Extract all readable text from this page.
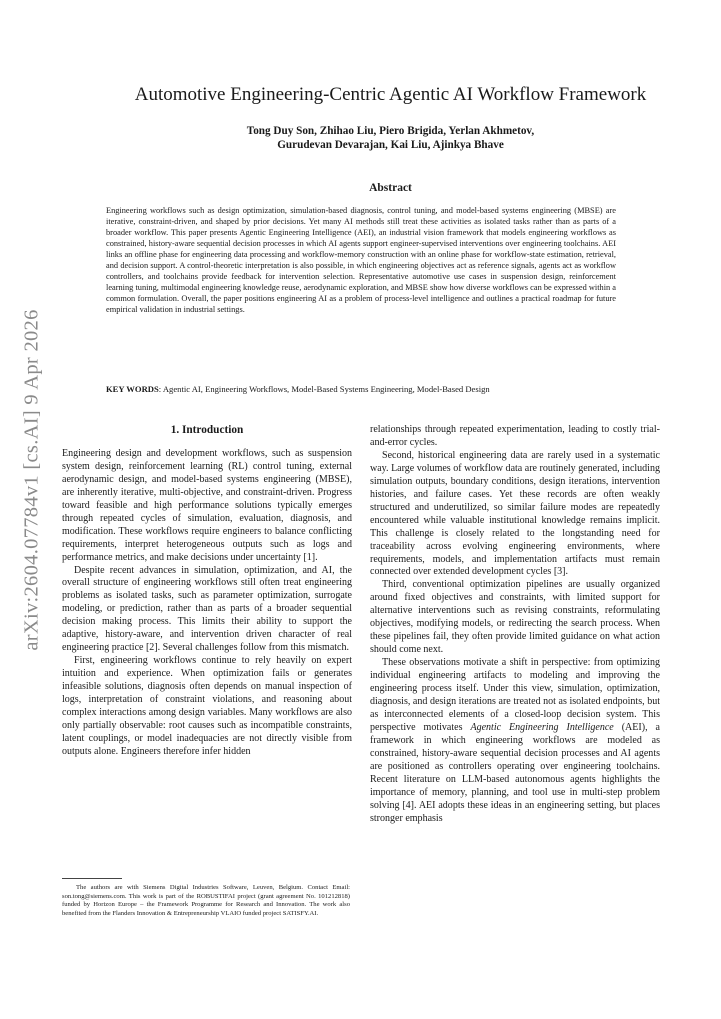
arXiv:2604.07784v1 [cs.AI] 9 Apr 2026
Automotive Engineering-Centric Agentic AI Workflow Framework
Tong Duy Son, Zhihao Liu, Piero Brigida, Yerlan Akhmetov,
Gurudevan Devarajan, Kai Liu, Ajinkya Bhave
Abstract
Engineering workflows such as design optimization, simulation-based diagnosis, control tuning, and model-based systems engineering (MBSE) are iterative, constraint-driven, and shaped by prior decisions. Yet many AI methods still treat these activities as isolated tasks rather than as parts of a broader workflow. This paper presents Agentic Engineering Intelligence (AEI), an industrial vision framework that models engineering workflows as constrained, history-aware sequential decision processes in which AI agents support engineer-supervised interventions over engineering toolchains. AEI links an offline phase for engineering data processing and workflow-memory construction with an online phase for workflow-state estimation, retrieval, and decision support. A control-theoretic interpretation is also possible, in which engineering objectives act as reference signals, agents act as workflow controllers, and toolchains provide feedback for intervention selection. Representative automotive use cases in suspension design, reinforcement learning tuning, multimodal engineering knowledge reuse, aerodynamic exploration, and MBSE show how diverse workflows can be expressed within a common formulation. Overall, the paper positions engineering AI as a problem of process-level intelligence and outlines a practical roadmap for future empirical validation in industrial settings.
KEY WORDS: Agentic AI, Engineering Workflows, Model-Based Systems Engineering, Model-Based Design
1. Introduction

Engineering design and development workflows, such as suspension system design, reinforcement learning (RL) control tuning, external aerodynamic design, and model-based systems engineering (MBSE), are inherently iterative, multi-objective, and constraint-driven. Progress toward feasible and high performance solutions typically emerges through repeated cycles of simulation, evaluation, diagnosis, and modification. These workflows require engineers to balance conflicting requirements, interpret heterogeneous outputs such as logs and performance metrics, and make decisions under uncertainty [1].

Despite recent advances in simulation, optimization, and AI, the overall structure of engineering workflows still often treat engineering problems as isolated tasks, such as parameter optimization, surrogate modeling, or prediction, rather than as parts of a broader sequential decision making process. This limits their ability to support the adaptive, history-aware, and intervention driven character of real engineering practice [2]. Several challenges follow from this mismatch.

First, engineering workflows continue to rely heavily on expert intuition and experience. When optimization fails or generates infeasible solutions, diagnosis often depends on manual inspection of logs, interpretation of constraint violations, and reasoning about complex interactions among design variables. Many workflows are also only partially observable: root causes such as incompatible constraints, latent couplings, or model inadequacies are not directly visible from outputs alone. Engineers therefore infer hidden

relationships through repeated experimentation, leading to costly trial-and-error cycles.

Second, historical engineering data are rarely used in a systematic way. Large volumes of workflow data are routinely generated, including simulation outputs, boundary conditions, design iterations, intervention histories, and failure cases. Yet these records are often weakly structured and underutilized, so similar failure modes are repeatedly encountered while valuable institutional knowledge remains implicit. This challenge is closely related to the longstanding need for traceability across evolving engineering environments, where requirements, models, and implementation artifacts must remain connected over extended development cycles [3].

Third, conventional optimization pipelines are usually organized around fixed objectives and constraints, with limited support for alternative interventions such as revising constraints, reformulating objectives, modifying models, or redirecting the search process. When these pipelines fail, they often provide limited guidance on what action should come next.

These observations motivate a shift in perspective: from optimizing individual engineering artifacts to modeling and improving the engineering process itself. Under this view, simulation, optimization, diagnosis, and design iterations are treated not as isolated endpoints, but as interconnected elements of a closed-loop decision system. This perspective motivates Agentic Engineering Intelligence (AEI), a framework in which engineering workflows are modeled as constrained, history-aware sequential decision processes and AI agents are positioned as controllers operating over engineering toolchains. Recent literature on LLM-based autonomous agents highlights the importance of memory, planning, and tool use in multi-step problem solving [4]. AEI adopts these ideas in an engineering setting, but places stronger emphasis

The authors are with Siemens Digital Industries Software, Leuven, Belgium. Contact Email: son.tong@siemens.com. This work is part of the ROBUSTIFAI project (grant agreement No. 101212818) funded by Horizon Europe – the Framework Programme for Research and Innovation. The work also benefited from the Flanders Innovation & Entrepreneurship VLAIO funded project SATISFY.AI.
